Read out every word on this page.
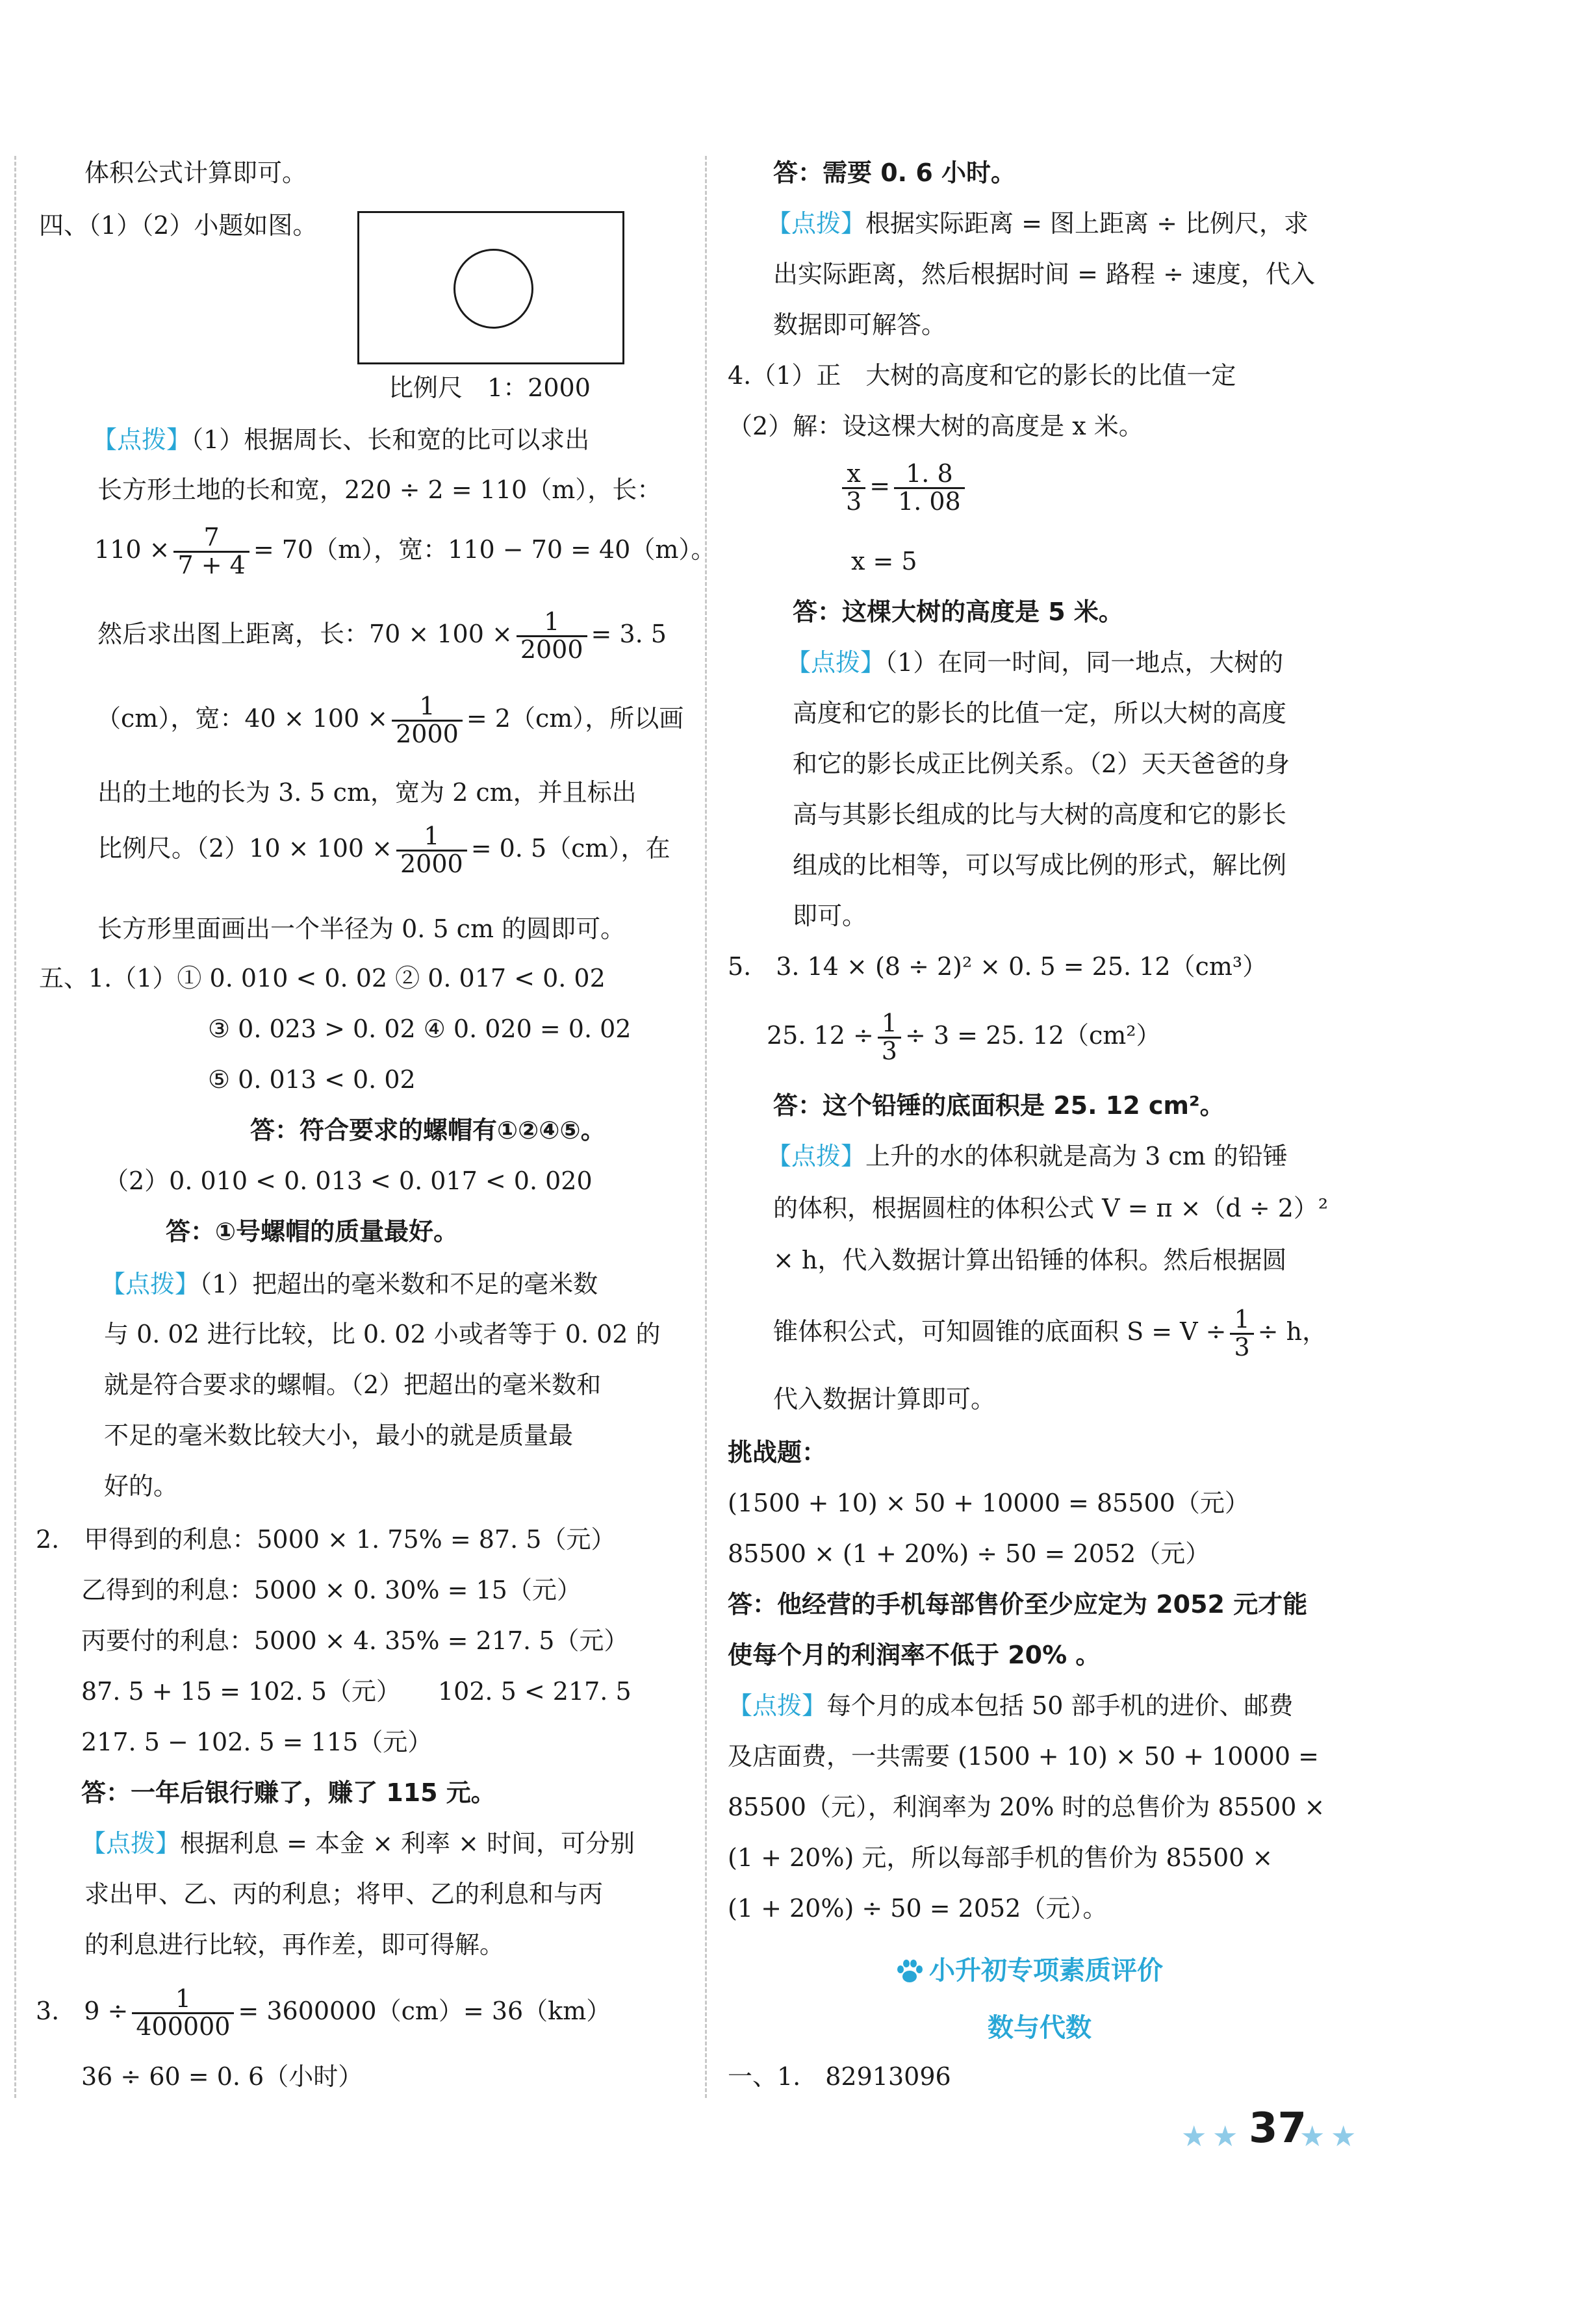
体积公式计算即可。
四、（1）（2）小题如图。
比例尺　1：2000
【点拨】（1）根据周长、长和宽的比可以求出
长方形土地的长和宽，220 ÷ 2 = 110（m），长：
$110 \times \frac{7}{7 + 4} = 70(m)$，宽：110 − 70 = 40（m）。
然后求出图上距离，长：$70 \times 100 \times \frac{1}{2000} = 3$. 5
（cm），宽：$40 \times 100 \times \frac{1}{2000} = 2(cm)$，所以画
出的土地的长为 3. 5 cm，宽为 2 cm，并且标出
比例尺。$(2)10 \times 100 \times \frac{1}{2000} = 0$. 5（cm），在
长方形里面画出一个半径为 0. 5 cm 的圆即可。
五、1.（1）① 0. 010 < 0. 02 ② 0. 017 < 0. 02
③ 0. 023 > 0. 02 ④ 0. 020 = 0. 02
⑤ 0. 013 < 0. 02
答：符合要求的螺帽有①②④⑤。
（2）0. 010 < 0. 013 < 0. 017 < 0. 020
答：①号螺帽的质量最好。
【点拨】（1）把超出的毫米数和不足的毫米数
与 0. 02 进行比较，比 0. 02 小或者等于 0. 02 的
就是符合要求的螺帽。（2）把超出的毫米数和
不足的毫米数比较大小，最小的就是质量最
好的。
2.　甲得到的利息：5000 × 1. 75% = 87. 5（元）
乙得到的利息：5000 × 0. 30% = 15（元）
丙要付的利息：5000 × 4. 35% = 217. 5（元）
87. 5 + 15 = 102. 5（元）　　102. 5 < 217. 5
217. 5 − 102. 5 = 115（元）
答：一年后银行赚了，赚了 115 元。
【点拨】根据利息 = 本金 × 利率 × 时间，可分别
求出甲、乙、丙的利息；将甲、乙的利息和与丙
的利息进行比较，再作差，即可得解。
3.　$9 \div \frac{1}{400000} = 3600000(cm)= 36(km)$
36 ÷ 60 = 0. 6（小时）
答：需要 0. 6 小时。
【点拨】根据实际距离 = 图上距离 ÷ 比例尺，求
出实际距离，然后根据时间 = 路程 ÷ 速度，代入
数据即可解答。
4.（1）正　大树的高度和它的影长的比值一定
（2）解：设这棵大树的高度是 x 米。
$\frac{x}{3} = \frac{1. 8}{1. 08}$
x = 5
答：这棵大树的高度是 5 米。
【点拨】（1）在同一时间，同一地点，大树的
高度和它的影长的比值一定，所以大树的高度
和它的影长成正比例关系。（2）天天爸爸的身
高与其影长组成的比与大树的高度和它的影长
组成的比相等，可以写成比例的形式，解比例
即可。
5.　3. 14 × (8 ÷ 2)² × 0. 5 = 25. 12（cm³）
25. $12 \div \frac{1}{3} \div 3 = 25$. 12（cm²）
答：这个铅锤的底面积是 25. 12 cm²。
【点拨】上升的水的体积就是高为 3 cm 的铅锤
的体积，根据圆柱的体积公式 V = π ×（d ÷ 2）²
× h，代入数据计算出铅锤的体积。然后根据圆
锥体积公式，可知圆锥的底面积 $S = V \div \frac{1}{3} \div h$，
代入数据计算即可。
挑战题：
(1500 + 10) × 50 + 10000 = 85500（元）
85500 × (1 + 20%) ÷ 50 = 2052（元）
答：他经营的手机每部售价至少应定为 2052 元才能
使每个月的利润率不低于 20% 。
【点拨】每个月的成本包括 50 部手机的进价、邮费
及店面费，一共需要 (1500 + 10) × 50 + 10000 =
85500（元），利润率为 20% 时的总售价为 85500 ×
(1 + 20%) 元，所以每部手机的售价为 85500 ×
(1 + 20%) ÷ 50 = 2052（元）。
小升初专项素质评价
数与代数
一、1.　82913096
★ ★ 37
★ ★
